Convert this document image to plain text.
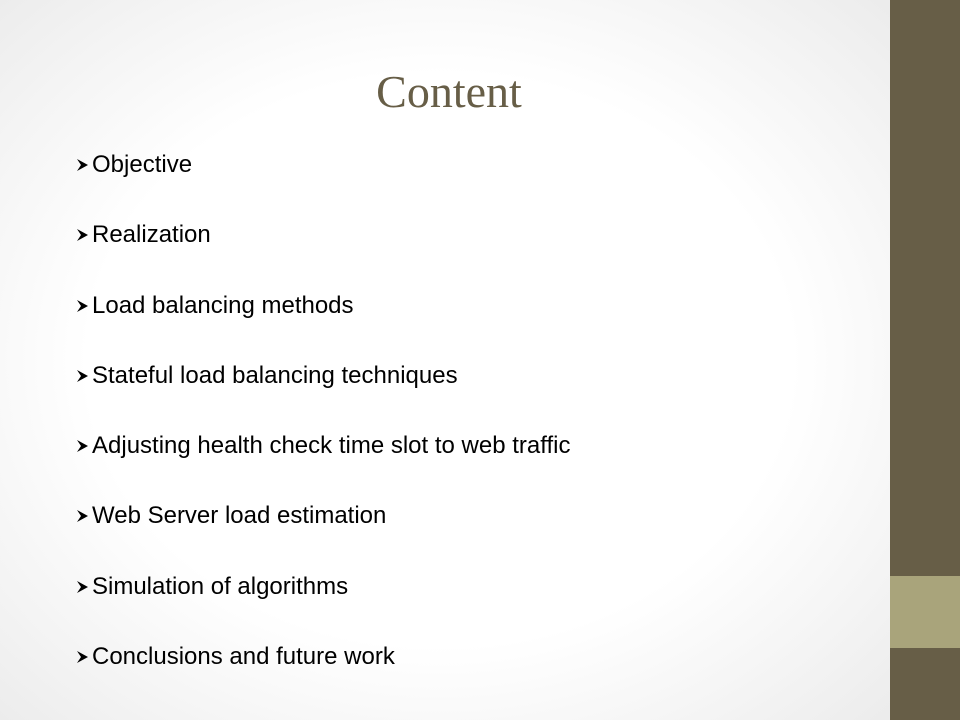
Content
Objective
Realization
Load balancing methods
Stateful load balancing techniques
Adjusting health check time slot to web traffic
Web Server load estimation
Simulation of algorithms
Conclusions and future work
